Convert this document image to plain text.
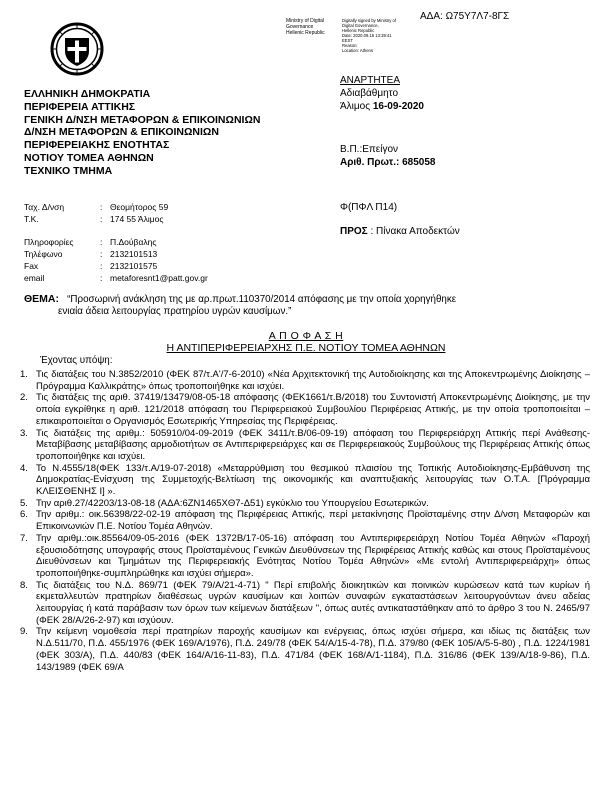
ΑΔΑ: Ω75Υ7Λ7-8ΓΣ
Ministry of Digital
Governance
Hellenic Republic
Digitally signed by Ministry of
Digital Governance,
Hellenic Republic
Date: 2020.09.16 13:39:41
EEST
Reason:
Location: Athens
ΕΛΛΗΝΙΚΗ ΔΗΜΟΚΡΑΤΙΑ
ΠΕΡΙΦΕΡΕΙΑ ΑΤΤΙΚΗΣ
ΓΕΝΙΚΗ Δ/ΝΣΗ ΜΕΤΑΦΟΡΩΝ & ΕΠΙΚΟΙΝΩΝΙΩΝ
Δ/ΝΣΗ ΜΕΤΑΦΟΡΩΝ & ΕΠΙΚΟΙΝΩΝΙΩΝ
ΠΕΡΙΦΕΡΕΙΑΚΗΣ ΕΝΟΤΗΤΑΣ
ΝΟΤΙΟΥ ΤΟΜΕΑ ΑΘΗΝΩΝ
ΤΕΧΝΙΚΟ ΤΜΗΜΑ
ΑΝΑΡΤΗΤΕΑ
Αδιαβάθμητο
Άλιμος 16-09-2020
Β.Π.:Επείγον
Αριθ. Πρωτ.: 685058
Φ(ΠΦΛ Π14)
ΠΡΟΣ : Πίνακα Αποδεκτών
Ταχ. Δ/νση	: Θεομήτορος 59
Τ.Κ.	: 174 55 Άλιμος
Πληροφορίες	: Π.Δούβαλης
Τηλέφωνο	: 2132101513
Fax	: 2132101575
email	: metaforesnt1@patt.gov.gr
ΘΕΜΑ: “Προσωρινή ανάκληση της με αρ.πρωτ.110370/2014 απόφασης με την οποία χορηγήθηκε
ενιαία άδεια λειτουργίας πρατηρίου υγρών καυσίμων.”
Α Π Ο Φ Α Σ Η
Η ΑΝΤΙΠΕΡΙΦΕΡΕΙΑΡΧΗΣ Π.Ε. ΝΟΤΙΟΥ ΤΟΜΕΑ ΑΘΗΝΩΝ
Έχοντας υπόψη:
1. Τις διατάξεις του Ν.3852/2010 (ΦΕΚ 87/τ.Α'/7-6-2010) «Νέα Αρχιτεκτονική της Αυτοδιοίκησης και της Αποκεντρωμένης Διοίκησης – Πρόγραμμα Καλλικράτης» όπως τροποποιήθηκε και ισχύει.
2. Τις διατάξεις της αριθ. 37419/13479/08-05-18 απόφασης (ΦΕΚ1661/τ.Β/2018) του Συντονιστή Αποκεντρωμένης Διοίκησης, με την οποία εγκρίθηκε η αριθ. 121/2018 απόφαση του Περιφερειακού Συμβουλίου Περιφέρειας Αττικής, με την οποία τροποποιείται – επικαιροποιείται ο Οργανισμός Εσωτερικής Υπηρεσίας της Περιφέρειας.
3. Τις διατάξεις της αριθμ.: 505910/04-09-2019 (ΦΕΚ 3411/τ.Β/06-09-19) απόφαση του Περιφερειάρχη Αττικής περί Ανάθεσης-Μεταβίβασης μεταβίβασης αρμοδιοτήτων σε Αντιπεριφερειάρχες και σε Περιφερειακούς Συμβούλους της Περιφέρειας Αττικής όπως τροποποιήθηκε και ισχύει.
4. Το Ν.4555/18(ΦΕΚ 133/τ.Α/19-07-2018) «Μεταρρύθμιση του θεσμικού πλαισίου της Τοπικής Αυτοδιοίκησης-Εμβάθυνση της Δημοκρατίας-Ενίσχυση της Συμμετοχής-Βελτίωση της οικονομικής και αναπτυξιακής λειτουργίας των Ο.Τ.Α. [Πρόγραμμα ΚΛΕΙΣΘΕΝΗΣ Ι] ».
5. Την αριθ.27/42203/13-08-18 (ΑΔΑ:6ΖΝ1465ΧΘ7-Δ51) εγκύκλιο του Υπουργείου Εσωτερικών.
6. Την αριθμ.: οικ.56398/22-02-19 απόφαση της Περιφέρειας Αττικής, περί μετακίνησης Προϊσταμένης στην Δ/νση Μεταφορών και Επικοινωνιών Π.Ε. Νοτίου Τομέα Αθηνών.
7. Την αριθμ.:οικ.85564/09-05-2016 (ΦΕΚ 1372Β/17-05-16) απόφαση του Αντιπεριφερειάρχη Νοτίου Τομέα Αθηνών «Παροχή εξουσιοδότησης υπογραφής στους Προϊσταμένους Γενικών Διευθύνσεων της Περιφέρειας Αττικής καθώς και στους Προϊσταμένους Διευθύνσεων και Τμημάτων της Περιφερειακής Ενότητας Νοτίου Τομέα Αθηνών» «Με εντολή Αντιπεριφερειάρχη» όπως τροποποιήθηκε-συμπληρώθηκε και ισχύει σήμερα».
8. Τις διατάξεις του Ν.Δ. 869/71 (ΦΕΚ 79/Α/21-4-71) " Περί επιβολής διοικητικών και ποινικών κυρώσεων κατά των κυρίων ή εκμεταλλευτών πρατηρίων διαθέσεως υγρών καυσίμων και λοιπών συναφών εγκαταστάσεων λειτουργούντων άνευ αδείας λειτουργίας ή κατά παράβασιν των όρων των κείμενων διατάξεων ", όπως αυτές αντικαταστάθηκαν από το άρθρο 3 του Ν. 2465/97 (ΦΕΚ 28/Α/26-2-97) και ισχύουν.
9. Την κείμενη νομοθεσία περί πρατηρίων παροχής καυσίμων και ενέργειας, όπως ισχύει σήμερα, και ιδίως τις διατάξεις των Ν.Δ.511/70, Π.Δ. 455/1976 (ΦΕΚ 169/Α/1976), Π.Δ. 249/78 (ΦΕΚ 54/Α/15-4-78), Π.Δ. 379/80 (ΦΕΚ 105/Α/5-5-80) , Π.Δ. 1224/1981 (ΦΕΚ 303/Α), Π.Δ. 440/83 (ΦΕΚ 164/Α/16-11-83), Π.Δ. 471/84 (ΦΕΚ 168/Α/1-1184), Π.Δ. 316/86 (ΦΕΚ 139/Α/18-9-86), Π.Δ. 143/1989 (ΦΕΚ 69/Α
